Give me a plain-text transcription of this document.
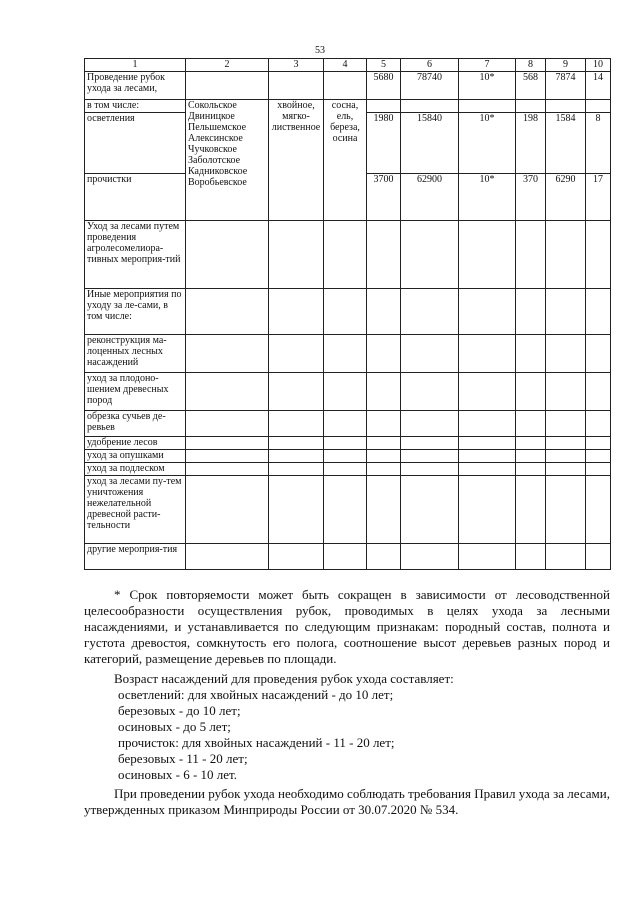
53
1	2	3	4	5	6	7	8	9	10
Проведение рубок ухода за лесами,				5680	78740	10*	568	7874	14
в том числе:	Сокольское Двиницкое Пельшемское Алексинское Чучковское Заболотское Кадниковское Воробьевское	хвойное, мягко-лиственное	сосна, ель, береза, осина						
осветления				1980	15840	10*	198	1584	8
прочистки				3700	62900	10*	370	6290	17
Уход за лесами путем проведения агролесомелиора-тивных мероприя-тий									
Иные мероприятия по уходу за ле-сами, в том числе:									
реконструкция ма-лоценных лесных насаждений									
уход за плодоно-шением древесных пород									
обрезка сучьев де-ревьев									
удобрение лесов									
уход за опушками									
уход за подлеском									
уход за лесами пу-тем уничтожения нежелательной древесной расти-тельности									
другие мероприя-тия									

* Срок повторяемости может быть сокращен в зависимости от лесоводственной целесообразности осуществления рубок, проводимых в целях ухода за лесными насаждениями, и устанавливается по следующим признакам: породный состав, полнота и густота древостоя, сомкнутость его полога, соотношение высот деревьев разных пород и категорий, размещение деревьев по площади.

Возраст насаждений для проведения рубок ухода составляет:

осветлений: для хвойных насаждений - до 10 лет;

березовых - до 10 лет;

осиновых - до 5 лет;

прочисток: для хвойных насаждений - 11 - 20 лет;

березовых - 11 - 20 лет;

осиновых - 6 - 10 лет.

При проведении рубок ухода необходимо соблюдать требования Правил ухода за лесами, утвержденных приказом Минприроды России от 30.07.2020 № 534.
